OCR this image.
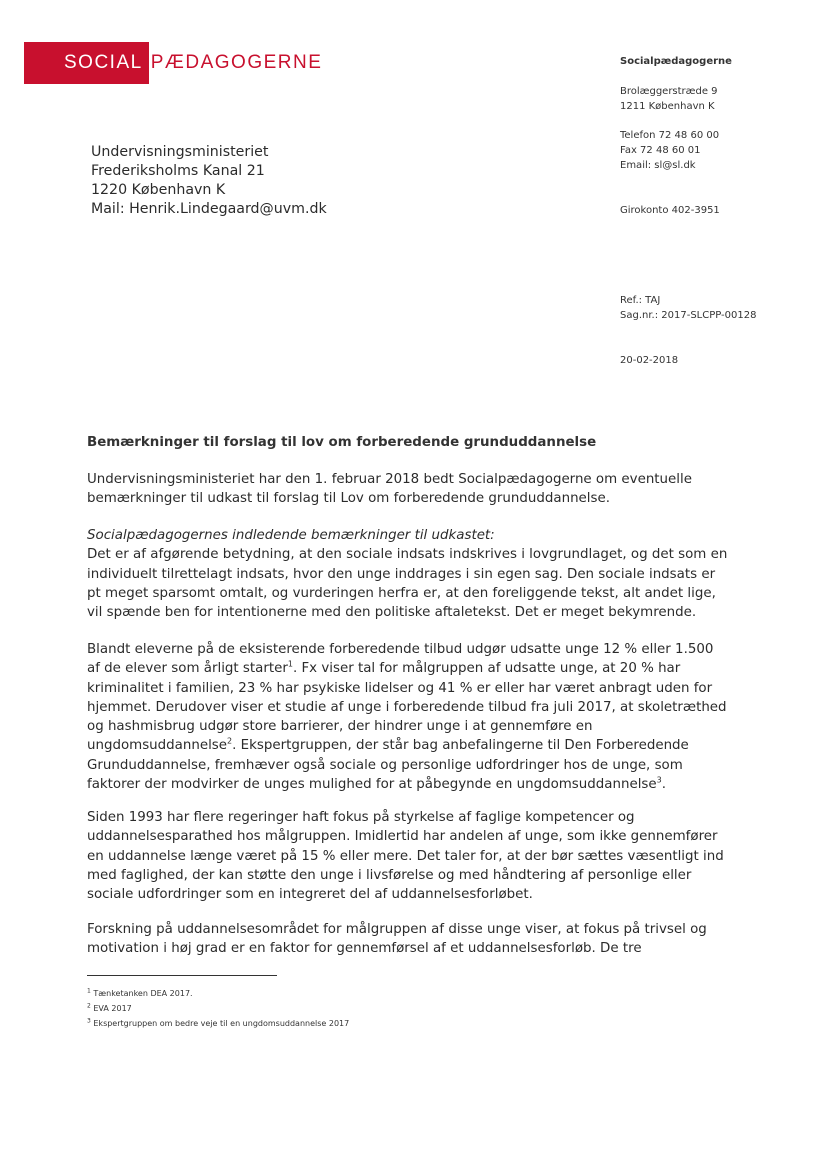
SOCIAL PÆDAGOGERNE	Socialpædagogerne
Brolæggerstræde 9
1211 København K
Telefon 72 48 60 00
Fax 72 48 60 01
Email: sl@sl.dk
Girokonto 402-3951
Ref.: TAJ
Sag.nr.: 2017-SLCPP-00128
20-02-2018
Undervisningsministeriet
Frederiksholms Kanal 21
1220 København K
Mail: Henrik.Lindegaard@uvm.dk
Bemærkninger til forslag til lov om forberedende grunduddannelse
Undervisningsministeriet har den 1. februar 2018 bedt Socialpædagogerne om eventuelle
bemærkninger til udkast til forslag til Lov om forberedende grunduddannelse.
Socialpædagogernes indledende bemærkninger til udkastet:
Det er af afgørende betydning, at den sociale indsats indskrives i lovgrundlaget, og det som en
individuelt tilrettelagt indsats, hvor den unge inddrages i sin egen sag. Den sociale indsats er
pt meget sparsomt omtalt, og vurderingen herfra er, at den foreliggende tekst, alt andet lige,
vil spænde ben for intentionerne med den politiske aftaletekst. Det er meget bekymrende.
Blandt eleverne på de eksisterende forberedende tilbud udgør udsatte unge 12 % eller 1.500
af de elever som årligt starter$^1$. Fx viser tal for målgruppen af udsatte unge, at 20 % har
kriminalitet i familien, 23 % har psykiske lidelser og 41 % er eller har været anbragt uden for
hjemmet. Derudover viser et studie af unge i forberedende tilbud fra juli 2017, at skoletræthed
og hashmisbrug udgør store barrierer, der hindrer unge i at gennemføre en
ungdomsuddannelse$^2$. Ekspertgruppen, der står bag anbefalingerne til Den Forberedende
Grunduddannelse, fremhæver også sociale og personlige udfordringer hos de unge, som
faktorer der modvirker de unges mulighed for at påbegynde en ungdomsuddannelse$^3$.
Siden 1993 har flere regeringer haft fokus på styrkelse af faglige kompetencer og
uddannelsesparathed hos målgruppen. Imidlertid har andelen af unge, som ikke gennemfører
en uddannelse længe været på 15 % eller mere. Det taler for, at der bør sættes væsentligt ind
med faglighed, der kan støtte den unge i livsførelse og med håndtering af personlige eller
sociale udfordringer som en integreret del af uddannelsesforløbet.
Forskning på uddannelsesområdet for målgruppen af disse unge viser, at fokus på trivsel og
motivation i høj grad er en faktor for gennemførsel af et uddannelsesforløb. De tre
$^1$ Tænketanken DEA 2017.
$^2$ EVA 2017
$^3$ Ekspertgruppen om bedre veje til en ungdomsuddannelse 2017
